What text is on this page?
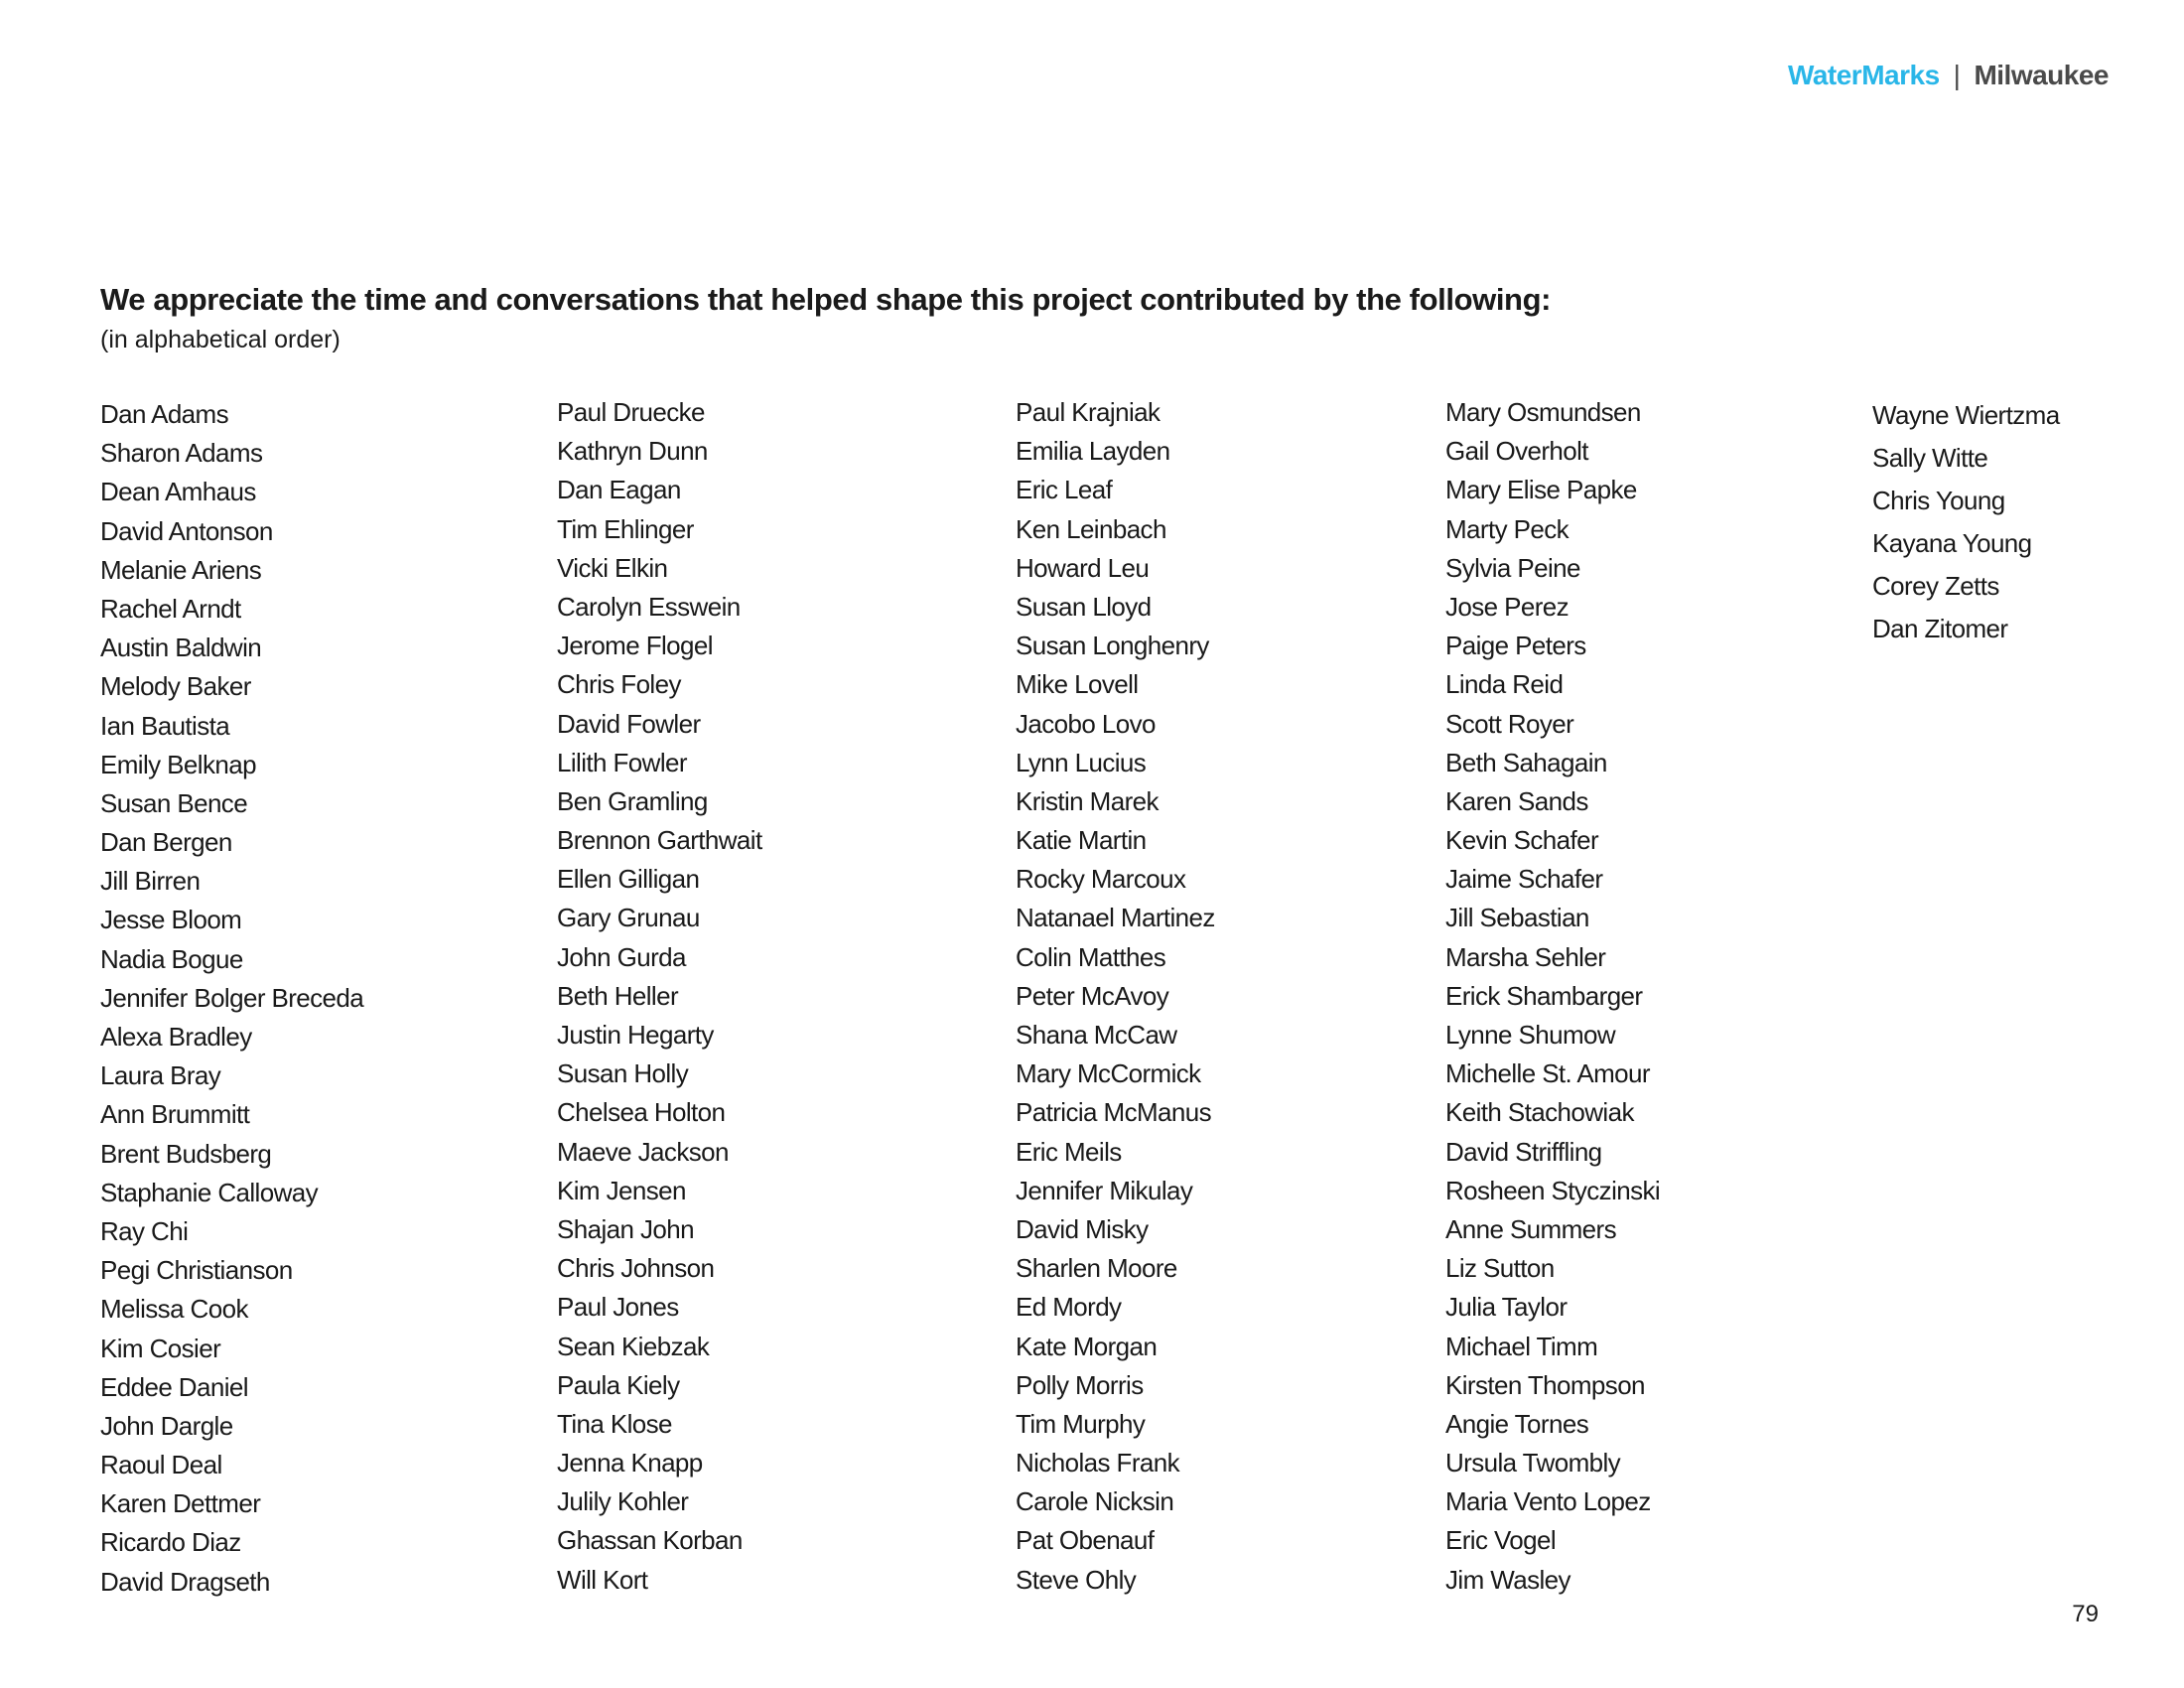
WaterMarks | Milwaukee
We appreciate the time and conversations that helped shape this project contributed by the following:
(in alphabetical order)
Dan Adams
Sharon Adams
Dean Amhaus
David Antonson
Melanie Ariens
Rachel Arndt
Austin Baldwin
Melody Baker
Ian Bautista
Emily Belknap
Susan Bence
Dan Bergen
Jill Birren
Jesse Bloom
Nadia Bogue
Jennifer Bolger Breceda
Alexa Bradley
Laura Bray
Ann Brummitt
Brent Budsberg
Staphanie Calloway
Ray Chi
Pegi Christianson
Melissa Cook
Kim Cosier
Eddee Daniel
John Dargle
Raoul Deal
Karen Dettmer
Ricardo Diaz
David Dragseth
Paul Druecke
Kathryn Dunn
Dan Eagan
Tim Ehlinger
Vicki Elkin
Carolyn Esswein
Jerome Flogel
Chris Foley
David Fowler
Lilith Fowler
Ben Gramling
Brennon Garthwait
Ellen Gilligan
Gary Grunau
John Gurda
Beth Heller
Justin Hegarty
Susan Holly
Chelsea Holton
Maeve Jackson
Kim Jensen
Shajan John
Chris Johnson
Paul Jones
Sean Kiebzak
Paula Kiely
Tina Klose
Jenna Knapp
Julily Kohler
Ghassan Korban
Will Kort
Paul Krajniak
Emilia Layden
Eric Leaf
Ken Leinbach
Howard Leu
Susan Lloyd
Susan Longhenry
Mike Lovell
Jacobo Lovo
Lynn Lucius
Kristin Marek
Katie Martin
Rocky Marcoux
Natanael Martinez
Colin Matthes
Peter McAvoy
Shana McCaw
Mary McCormick
Patricia McManus
Eric Meils
Jennifer Mikulay
David Misky
Sharlen Moore
Ed Mordy
Kate Morgan
Polly Morris
Tim Murphy
Nicholas Frank
Carole Nicksin
Pat Obenauf
Steve Ohly
Mary Osmundsen
Gail Overholt
Mary Elise Papke
Marty Peck
Sylvia Peine
Jose Perez
Paige Peters
Linda Reid
Scott Royer
Beth Sahagain
Karen Sands
Kevin Schafer
Jaime Schafer
Jill Sebastian
Marsha Sehler
Erick Shambarger
Lynne Shumow
Michelle St. Amour
Keith Stachowiak
David Striffling
Rosheen Styczinski
Anne Summers
Liz Sutton
Julia Taylor
Michael Timm
Kirsten Thompson
Angie Tornes
Ursula Twombly
Maria Vento Lopez
Eric Vogel
Jim Wasley
Wayne Wiertzma
Sally Witte
Chris Young
Kayana Young
Corey Zetts
Dan Zitomer
79
